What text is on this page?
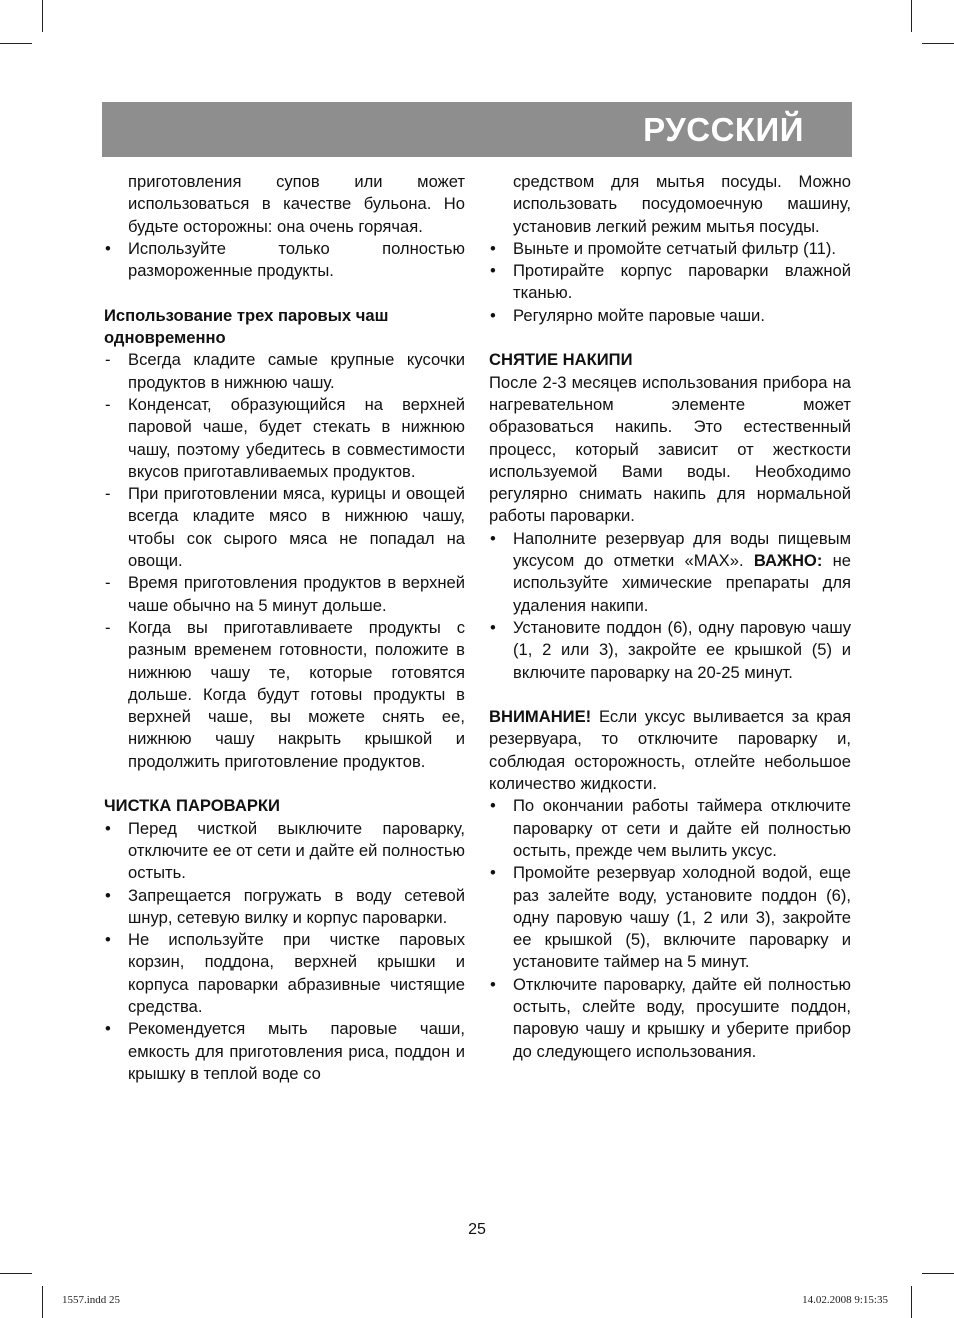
РУССКИЙ

приготовления супов или может использоваться в качестве бульона. Но будьте осторожны: она очень горячая.

• Используйте только полностью размороженные продукты.

Использование трех паровых чаш одновременно

- Всегда кладите самые крупные кусочки продуктов в нижнюю чашу.
- Конденсат, образующийся на верхней паровой чаше, будет стекать в нижнюю чашу, поэтому убедитесь в совместимости вкусов приготавливаемых продуктов.
- При приготовлении мяса, курицы и овощей всегда кладите мясо в нижнюю чашу, чтобы сок сырого мяса не попадал на овощи.
- Время приготовления продуктов в верхней чаше обычно на 5 минут дольше.
- Когда вы приготавливаете продукты с разным временем готовности, положите в нижнюю чашу те, которые готовятся дольше. Когда будут готовы продукты в верхней чаше, вы можете снять ее, нижнюю чашу накрыть крышкой и продолжить приготовление продуктов.

ЧИСТКА ПАРОВАРКИ

• Перед чисткой выключите пароварку, отключите ее от сети и дайте ей полностью остыть.
• Запрещается погружать в воду сетевой шнур, сетевую вилку и корпус пароварки.
• Не используйте при чистке паровых корзин, поддона, верхней крышки и корпуса пароварки абразивные чистящие средства.
• Рекомендуется мыть паровые чаши, емкость для приготовления риса, поддон и крышку в теплой воде со

средством для мытья посуды. Можно использовать посудомоечную машину, установив легкий режим мытья посуды.

• Выньте и промойте сетчатый фильтр (11).
• Протирайте корпус пароварки влажной тканью.
• Регулярно мойте паровые чаши.

СНЯТИЕ НАКИПИ

После 2-3 месяцев использования прибора на нагревательном элементе может образоваться накипь. Это естественный процесс, который зависит от жесткости используемой Вами воды. Необходимо регулярно снимать накипь для нормальной работы пароварки.

• Наполните резервуар для воды пищевым уксусом до отметки «MAX». ВАЖНО: не используйте химические препараты для удаления накипи.
• Установите поддон (6), одну паровую чашу (1, 2 или 3), закройте ее крышкой (5) и включите пароварку на 20-25 минут.

ВНИМАНИЕ! Если уксус выливается за края резервуара, то отключите пароварку и, соблюдая осторожность, отлейте небольшое количество жидкости.

• По окончании работы таймера отключите пароварку от сети и дайте ей полностью остыть, прежде чем вылить уксус.
• Промойте резервуар холодной водой, еще раз залейте воду, установите поддон (6), одну паровую чашу (1, 2 или 3), закройте ее крышкой (5), включите пароварку и установите таймер на 5 минут.
• Отключите пароварку, дайте ей полностью остыть, слейте воду, просушите поддон, паровую чашу и крышку и уберите прибор до следующего использования.
25
1557.indd 25	14.02.2008 9:15:35
